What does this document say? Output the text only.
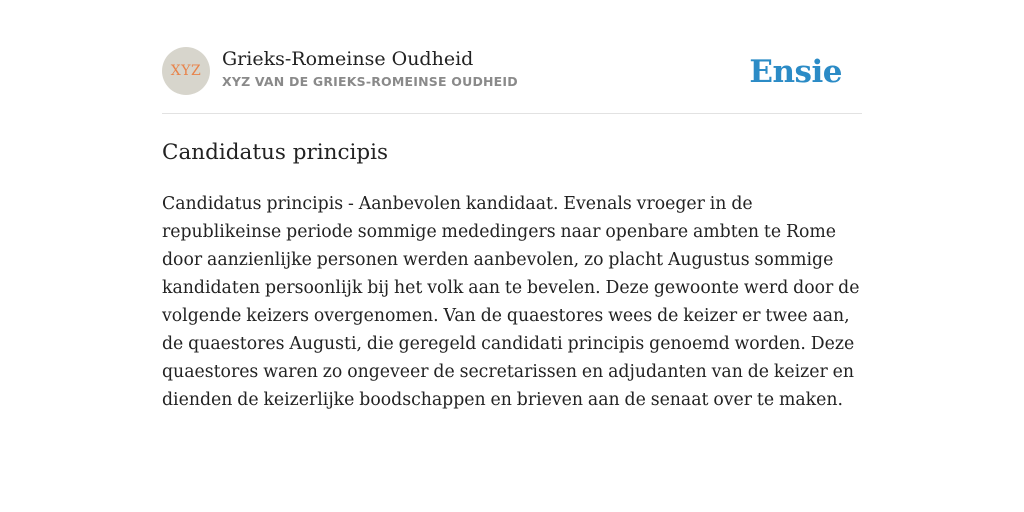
XYZ
Grieks-Romeinse Oudheid
XYZ VAN DE GRIEKS-ROMEINSE OUDHEID	Ensie
Candidatus principis

Candidatus principis - Aanbevolen kandidaat. Evenals vroeger in de republikeinse periode sommige mededingers naar openbare ambten te Rome door aanzienlijke personen werden aanbevolen, zo placht Augustus sommige kandidaten persoonlijk bij het volk aan te bevelen. Deze gewoonte werd door de volgende keizers overgenomen. Van de quaestores wees de keizer er twee aan, de quaestores Augusti, die geregeld candidati principis genoemd worden. Deze quaestores waren zo ongeveer de secretarissen en adjudanten van de keizer en dienden de keizerlijke boodschappen en brieven aan de senaat over te maken.
